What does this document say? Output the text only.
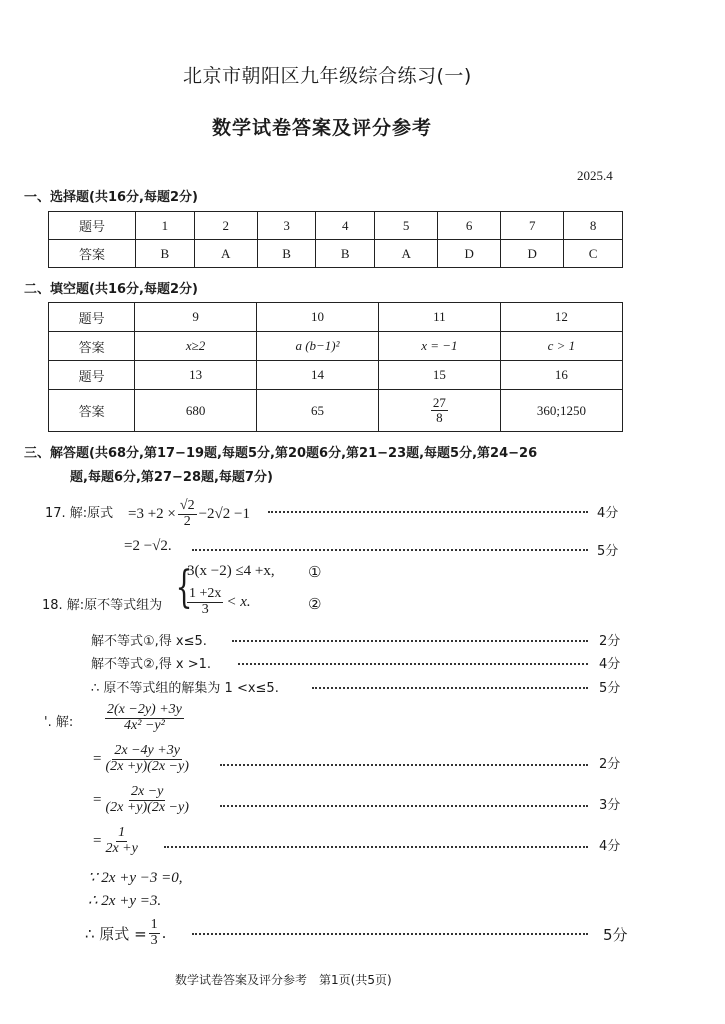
北京市朝阳区九年级综合练习(一)
数学试卷答案及评分参考
2025.4
一、选择题(共16分,每题2分)
题号	1	2	3	4	5	6	7	8
答案	B	A	B	B	A	D	D	C
二、填空题(共16分,每题2分)
题号	9	10	11	12
答案	x≥2	a (b−1)²	x = −1	c > 1
题号	13	14	15	16
答案	680	65	$\frac{27}{8}$	360;1250
三、解答题(共68分,第17−19题,每题5分,第20题6分,第21−23题,每题5分,第24−26
题,每题6分,第27−28题,每题7分)
17. 解:原式 $=3 +2 \times \frac{√2}{2} -2√2 -1$	4分
=2 −√2.	5分
18. 解:原不等式组为 {
3(x −2) ≤4 +x, ①
$\frac{1 +2x}{3} < x$.	②
解不等式①,得 x≤5.	2分
解不等式②,得 x >1.	4分
∴ 原不等式组的解集为 1 <x≤5.	5分
'. 解: $\frac{2(x -2y) +3y}{\text{4x² −y²}}$
= $\frac{2x -4y +3y}{(2x +y)(2x -y)}$	2分
= $\frac{2x -y}{(2x +y)(2x -y)}$	3分
= $\frac{1}{2x +y}$	4分
∵ 2x +y −3 =0,
∴ 2x +y =3.
∴ 原式 = $\frac{1}{3}$ .	5分
数学试卷答案及评分参考　第1页(共5页)
